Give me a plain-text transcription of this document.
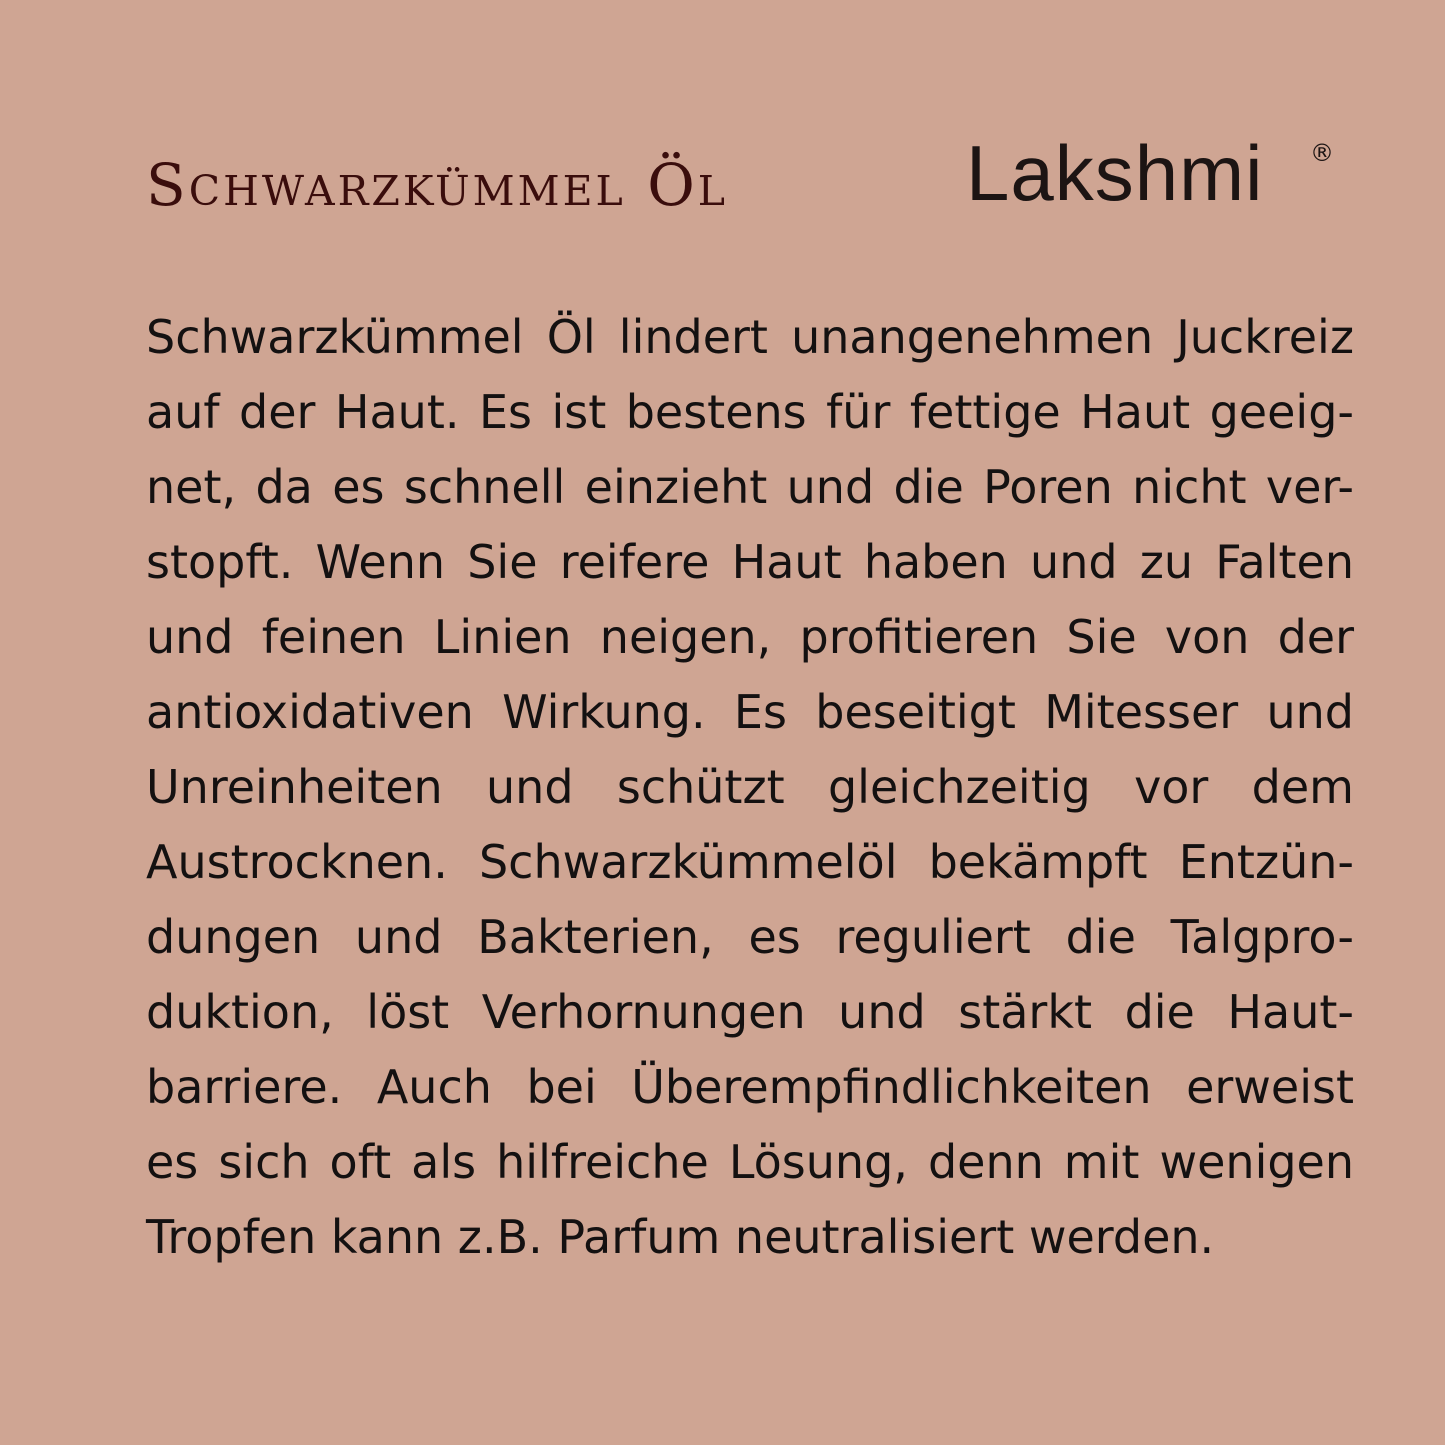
Schwarzkümmel Öl	Lakshmi ®
Schwarzkümmel Öl lindert unangenehmen Juckreiz
auf der Haut. Es ist bestens für fettige Haut geeig-
net, da es schnell einzieht und die Poren nicht ver-
stopft. Wenn Sie reifere Haut haben und zu Falten
und feinen Linien neigen, profitieren Sie von der
antioxidativen Wirkung. Es beseitigt Mitesser und
Unreinheiten und schützt gleichzeitig vor dem
Austrocknen. Schwarzkümmelöl bekämpft Entzün-
dungen und Bakterien, es reguliert die Talgpro-
duktion, löst Verhornungen und stärkt die Haut-
barriere. Auch bei Überempfindlichkeiten erweist
es sich oft als hilfreiche Lösung, denn mit wenigen
Tropfen kann z.B. Parfum neutralisiert werden.
